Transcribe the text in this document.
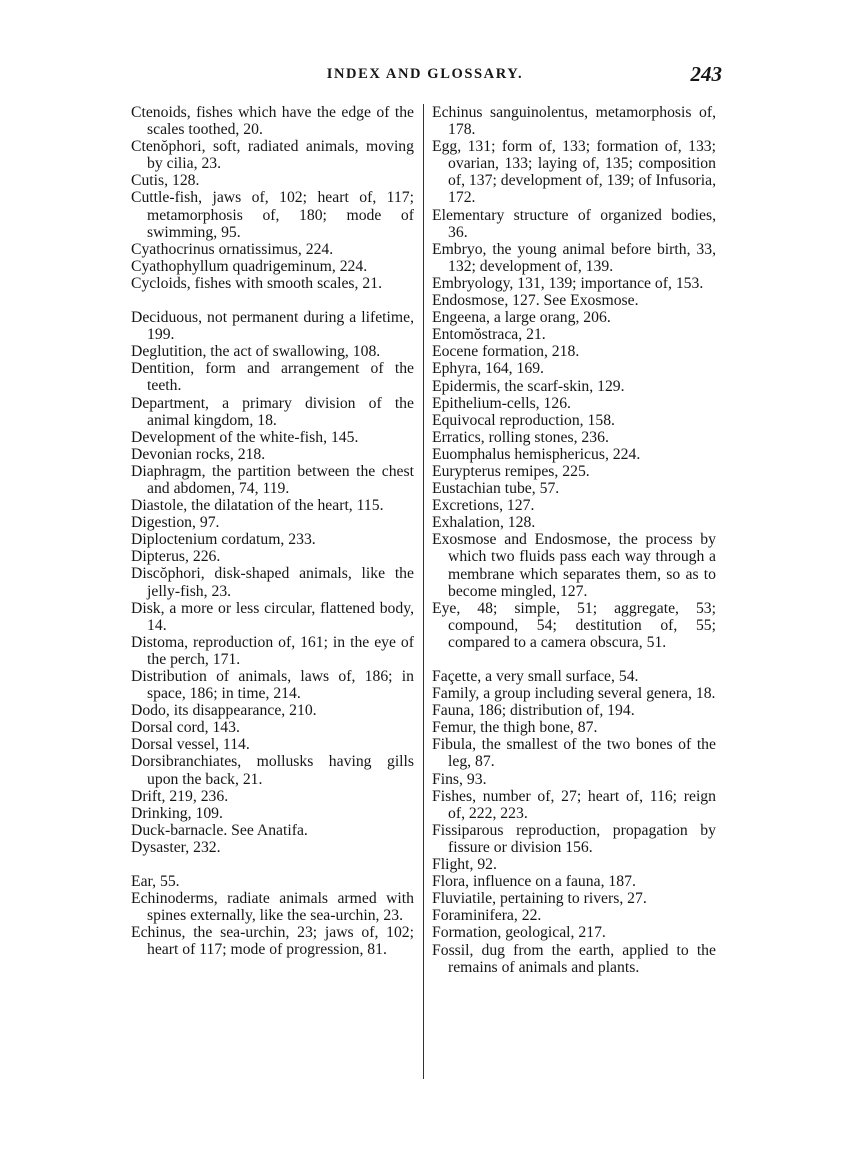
INDEX AND GLOSSARY.	243
Ctenoids, fishes which have the edge of the scales toothed, 20.
Ctenŏphori, soft, radiated animals, moving by cilia, 23.
Cutis, 128.
Cuttle-fish, jaws of, 102; heart of, 117; metamorphosis of, 180; mode of swimming, 95.
Cyathocrinus ornatissimus, 224.
Cyathophyllum quadrigeminum, 224.
Cycloids, fishes with smooth scales, 21.
Deciduous, not permanent during a lifetime, 199.
Deglutition, the act of swallowing, 108.
Dentition, form and arrangement of the teeth.
Department, a primary division of the animal kingdom, 18.
Development of the white-fish, 145.
Devonian rocks, 218.
Diaphragm, the partition between the chest and abdomen, 74, 119.
Diastole, the dilatation of the heart, 115.
Digestion, 97.
Diploctenium cordatum, 233.
Dipterus, 226.
Discŏphori, disk-shaped animals, like the jelly-fish, 23.
Disk, a more or less circular, flattened body, 14.
Distoma, reproduction of, 161; in the eye of the perch, 171.
Distribution of animals, laws of, 186; in space, 186; in time, 214.
Dodo, its disappearance, 210.
Dorsal cord, 143.
Dorsal vessel, 114.
Dorsibranchiates, mollusks having gills upon the back, 21.
Drift, 219, 236.
Drinking, 109.
Duck-barnacle. See Anatifa.
Dysaster, 232.
Ear, 55.
Echinoderms, radiate animals armed with spines externally, like the sea-urchin, 23.
Echinus, the sea-urchin, 23; jaws of, 102; heart of 117; mode of progression, 81.
Echinus sanguinolentus, metamorphosis of, 178.
Egg, 131; form of, 133; formation of, 133; ovarian, 133; laying of, 135; composition of, 137; development of, 139; of Infusoria, 172.
Elementary structure of organized bodies, 36.
Embryo, the young animal before birth, 33, 132; development of, 139.
Embryology, 131, 139; importance of, 153.
Endosmose, 127. See Exosmose.
Engeena, a large orang, 206.
Entomŏstraca, 21.
Eocene formation, 218.
Ephyra, 164, 169.
Epidermis, the scarf-skin, 129.
Epithelium-cells, 126.
Equivocal reproduction, 158.
Erratics, rolling stones, 236.
Euomphalus hemisphericus, 224.
Eurypterus remipes, 225.
Eustachian tube, 57.
Excretions, 127.
Exhalation, 128.
Exosmose and Endosmose, the process by which two fluids pass each way through a membrane which separates them, so as to become mingled, 127.
Eye, 48; simple, 51; aggregate, 53; compound, 54; destitution of, 55; compared to a camera obscura, 51.
Façette, a very small surface, 54.
Family, a group including several genera, 18.
Fauna, 186; distribution of, 194.
Femur, the thigh bone, 87.
Fibula, the smallest of the two bones of the leg, 87.
Fins, 93.
Fishes, number of, 27; heart of, 116; reign of, 222, 223.
Fissiparous reproduction, propagation by fissure or division 156.
Flight, 92.
Flora, influence on a fauna, 187.
Fluviatile, pertaining to rivers, 27.
Foraminifera, 22.
Formation, geological, 217.
Fossil, dug from the earth, applied to the remains of animals and plants.
